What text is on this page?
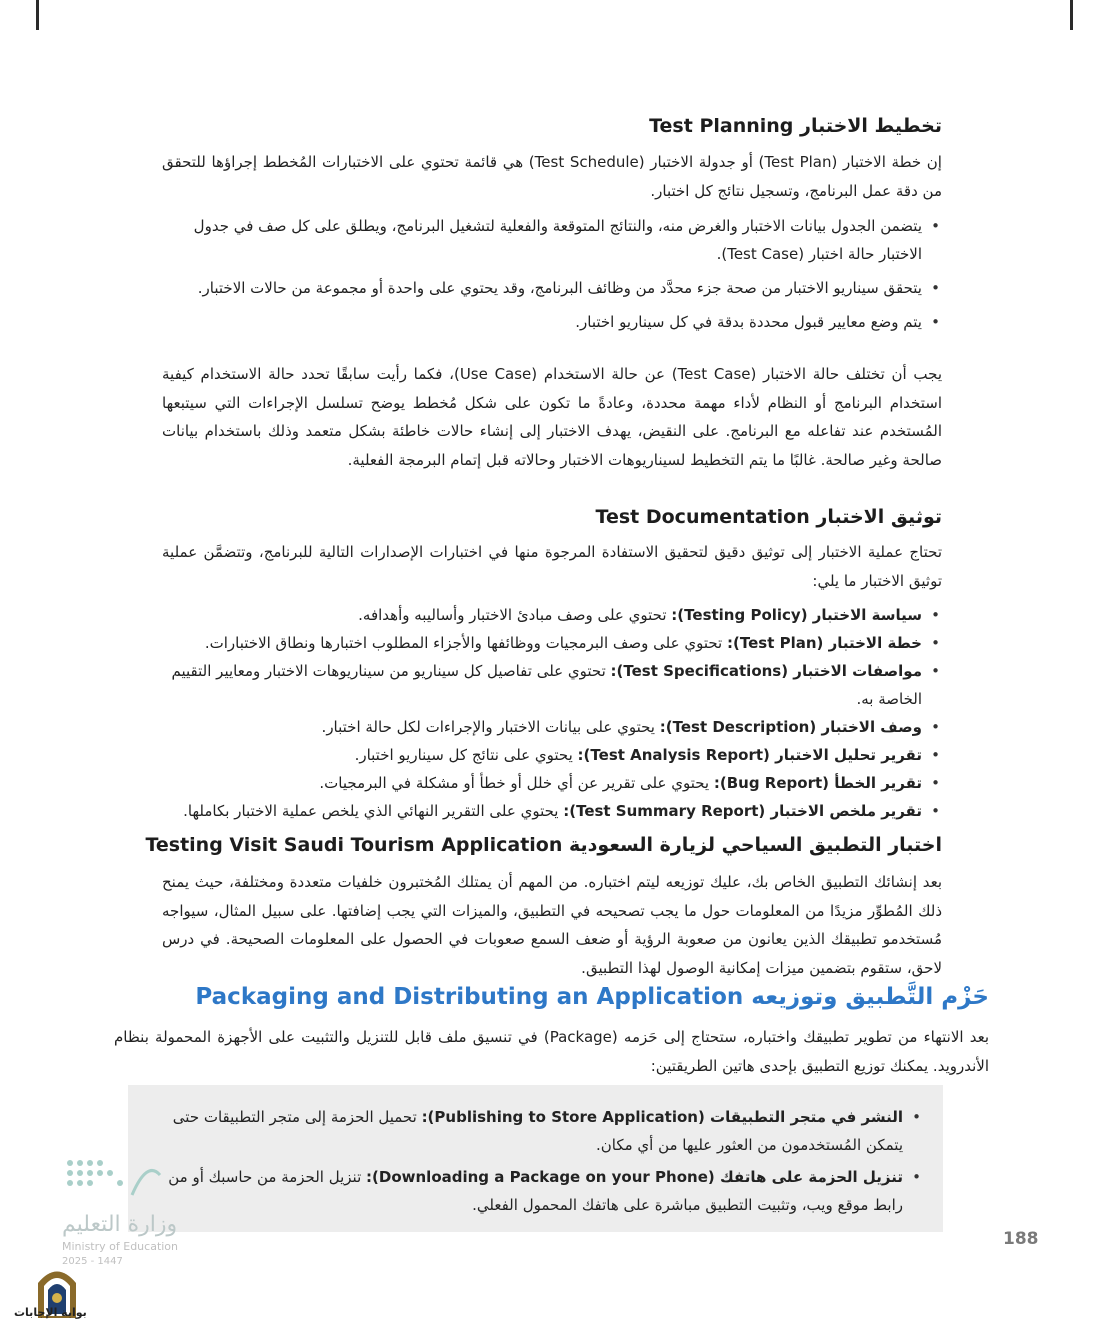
تخطيط الاختبار Test Planning
إن خطة الاختبار (Test Plan) أو جدولة الاختبار (Test Schedule) هي قائمة تحتوي على الاختبارات المُخطط إجراؤها للتحقق من دقة عمل البرنامج، وتسجيل نتائج كل اختبار.
• يتضمن الجدول بيانات الاختبار والغرض منه، والنتائج المتوقعة والفعلية لتشغيل البرنامج، ويطلق على كل صف في جدول الاختبار حالة اختبار (Test Case).
• يتحقق سيناريو الاختبار من صحة جزء محدَّد من وظائف البرنامج، وقد يحتوي على واحدة أو مجموعة من حالات الاختبار.
• يتم وضع معايير قبول محددة بدقة في كل سيناريو اختبار.
يجب أن تختلف حالة الاختبار (Test Case) عن حالة الاستخدام (Use Case)، فكما رأيت سابقًا تحدد حالة الاستخدام كيفية استخدام البرنامج أو النظام لأداء مهمة محددة، وعادةً ما تكون على شكل مُخطط يوضح تسلسل الإجراءات التي سيتبعها المُستخدم عند تفاعله مع البرنامج. على النقيض، يهدف الاختبار إلى إنشاء حالات خاطئة بشكل متعمد وذلك باستخدام بيانات صالحة وغير صالحة. غالبًا ما يتم التخطيط لسيناريوهات الاختبار وحالاته قبل إتمام البرمجة الفعلية.
توثيق الاختبار Test Documentation
تحتاج عملية الاختبار إلى توثيق دقيق لتحقيق الاستفادة المرجوة منها في اختبارات الإصدارات التالية للبرنامج، وتتضمَّن عملية توثيق الاختبار ما يلي:
• سياسة الاختبار (Testing Policy): تحتوي على وصف مبادئ الاختبار وأساليبه وأهدافه.
• خطة الاختبار (Test Plan): تحتوي على وصف البرمجيات ووظائفها والأجزاء المطلوب اختبارها ونطاق الاختبارات.
• مواصفات الاختبار (Test Specifications): تحتوي على تفاصيل كل سيناريو من سيناريوهات الاختبار ومعايير التقييم الخاصة به.
• وصف الاختبار (Test Description): يحتوي على بيانات الاختبار والإجراءات لكل حالة اختبار.
• تقرير تحليل الاختبار (Test Analysis Report): يحتوي على نتائج كل سيناريو اختبار.
• تقرير الخطأ (Bug Report): يحتوي على تقرير عن أي خلل أو خطأ أو مشكلة في البرمجيات.
• تقرير ملخص الاختبار (Test Summary Report): يحتوي على التقرير النهائي الذي يلخص عملية الاختبار بكاملها.
اختبار التطبيق السياحي لزيارة السعودية Testing Visit Saudi Tourism Application
بعد إنشائك التطبيق الخاص بك، عليك توزيعه ليتم اختباره. من المهم أن يمتلك المُختبرون خلفيات متعددة ومختلفة، حيث يمنح ذلك المُطوِّر مزيدًا من المعلومات حول ما يجب تصحيحه في التطبيق، والميزات التي يجب إضافتها. على سبيل المثال، سيواجه مُستخدمو تطبيقك الذين يعانون من صعوبة الرؤية أو ضعف السمع صعوبات في الحصول على المعلومات الصحيحة. في درس لاحق، ستقوم بتضمين ميزات إمكانية الوصول لهذا التطبيق.
حَزْم التَّطبيق وتوزيعه Packaging and Distributing an Application
بعد الانتهاء من تطوير تطبيقك واختباره، ستحتاج إلى حَزمه (Package) في تنسيق ملف قابل للتنزيل والتثبيت على الأجهزة المحمولة بنظام الأندرويد. يمكنك توزيع التطبيق بإحدى هاتين الطريقتين:
• النشر في متجر التطبيقات (Publishing to Store Application): تحميل الحزمة إلى متجر التطبيقات حتى يتمكن المُستخدمون من العثور عليها من أي مكان.
• تنزيل الحزمة على هاتفك (Downloading a Package on your Phone): تنزيل الحزمة من حاسبك أو من رابط موقع ويب، وتثبيت التطبيق مباشرة على هاتفك المحمول الفعلي.
وزارة التعليم
Ministry of Education
2025 - 1447
188
بوابة الإجابات
